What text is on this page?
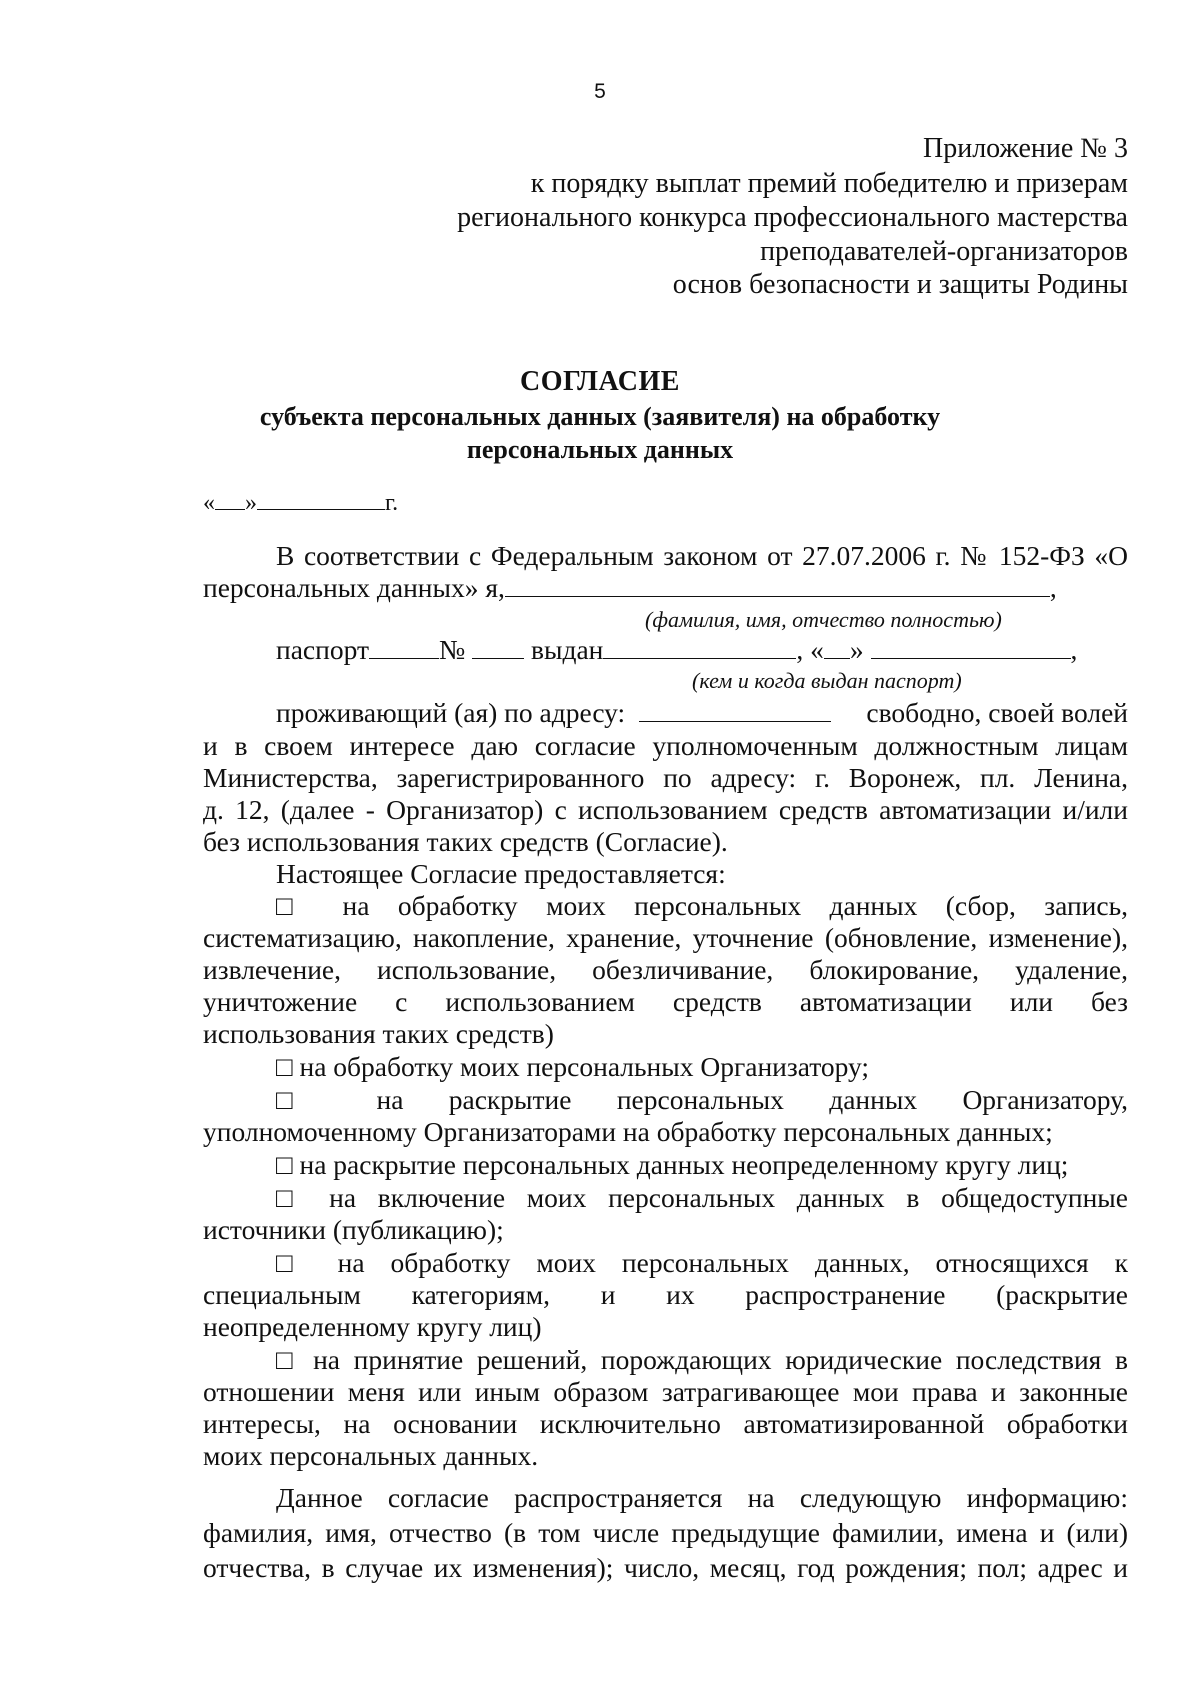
5
Приложение № 3
к порядку выплат премий победителю и призерам
регионального конкурса профессионального мастерства
преподавателей-организаторов
основ безопасности и защиты Родины
СОГЛАСИЕ
субъекта персональных данных (заявителя) на обработку
персональных данных
« »	г.
В соответствии с Федеральным законом от 27.07.2006 г. № 152-ФЗ «О
персональных данных» я,	,
(фамилия, имя, отчество полностью)
паспорт	№ выдан	, « »	,
(кем и когда выдан паспорт)
проживающий (ая) по адресу:	свободно, своей волей
и в своем интересе даю согласие уполномоченным должностным лицам
Министерства, зарегистрированного по адресу: г. Воронеж, пл. Ленина,
д. 12, (далее - Организатор) с использованием средств автоматизации и/или
без использования таких средств (Согласие).
Настоящее Согласие предоставляется:
□ на обработку моих персональных данных (сбор, запись,
систематизацию, накопление, хранение, уточнение (обновление, изменение),
извлечение, использование, обезличивание, блокирование, удаление,
уничтожение с использованием средств автоматизации или без
использования таких средств)
□ на обработку моих персональных Организатору;
□ на раскрытие персональных данных Организатору,
уполномоченному Организаторами на обработку персональных данных;
□ на раскрытие персональных данных неопределенному кругу лиц;
□ на включение моих персональных данных в общедоступные
источники (публикацию);
□ на обработку моих персональных данных, относящихся к
специальным категориям, и их распространение (раскрытие
неопределенному кругу лиц)
□ на принятие решений, порождающих юридические последствия в
отношении меня или иным образом затрагивающее мои права и законные
интересы, на основании исключительно автоматизированной обработки
моих персональных данных.
Данное согласие распространяется на следующую информацию:
фамилия, имя, отчество (в том числе предыдущие фамилии, имена и (или)
отчества, в случае их изменения); число, месяц, год рождения; пол; адрес и
